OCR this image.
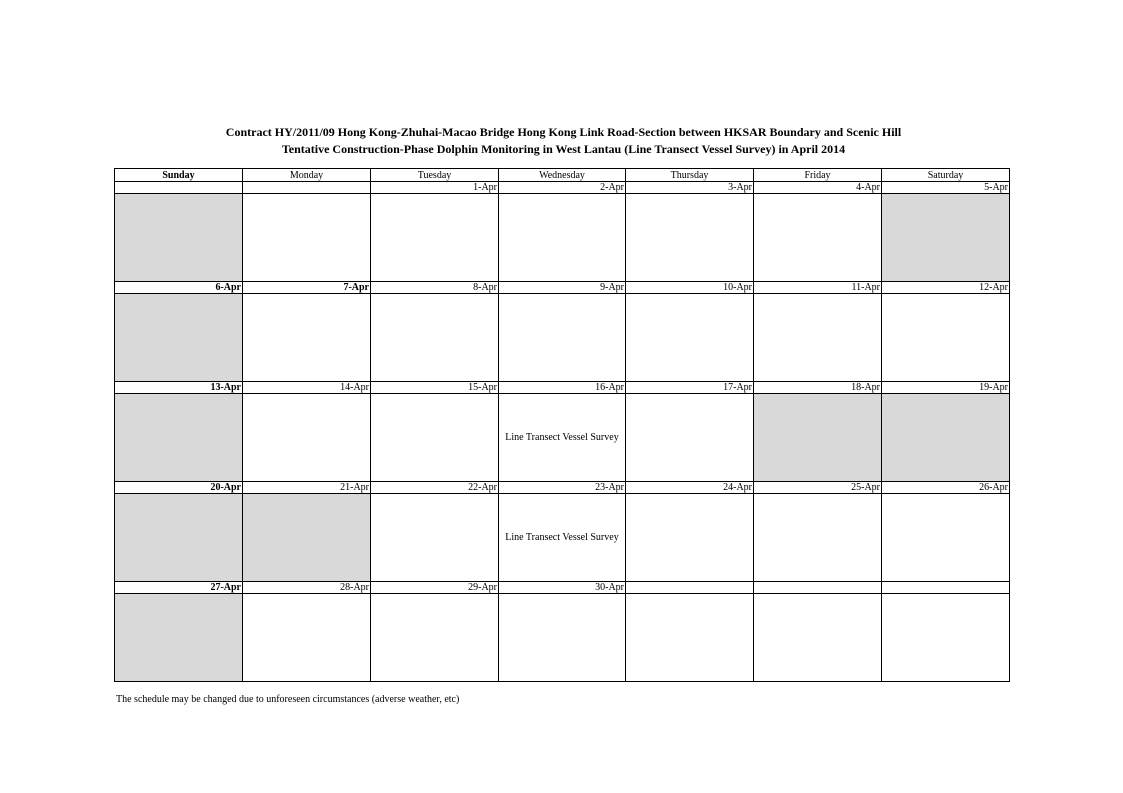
Contract HY/2011/09 Hong Kong-Zhuhai-Macao Bridge Hong Kong Link Road-Section between HKSAR Boundary and Scenic Hill
Tentative Construction-Phase Dolphin Monitoring in West Lantau (Line Transect Vessel Survey) in April 2014
Sunday	Monday	Tuesday	Wednesday	Thursday	Friday	Saturday
		1-Apr	2-Apr	3-Apr	4-Apr	5-Apr

6-Apr	7-Apr	8-Apr	9-Apr	10-Apr	11-Apr	12-Apr

13-Apr	14-Apr	15-Apr	16-Apr	17-Apr	18-Apr	19-Apr
			Line Transect Vessel Survey			
20-Apr	21-Apr	22-Apr	23-Apr	24-Apr	25-Apr	26-Apr
			Line Transect Vessel Survey			
27-Apr	28-Apr	29-Apr	30-Apr			

The schedule may be changed due to unforeseen circumstances (adverse weather, etc)
